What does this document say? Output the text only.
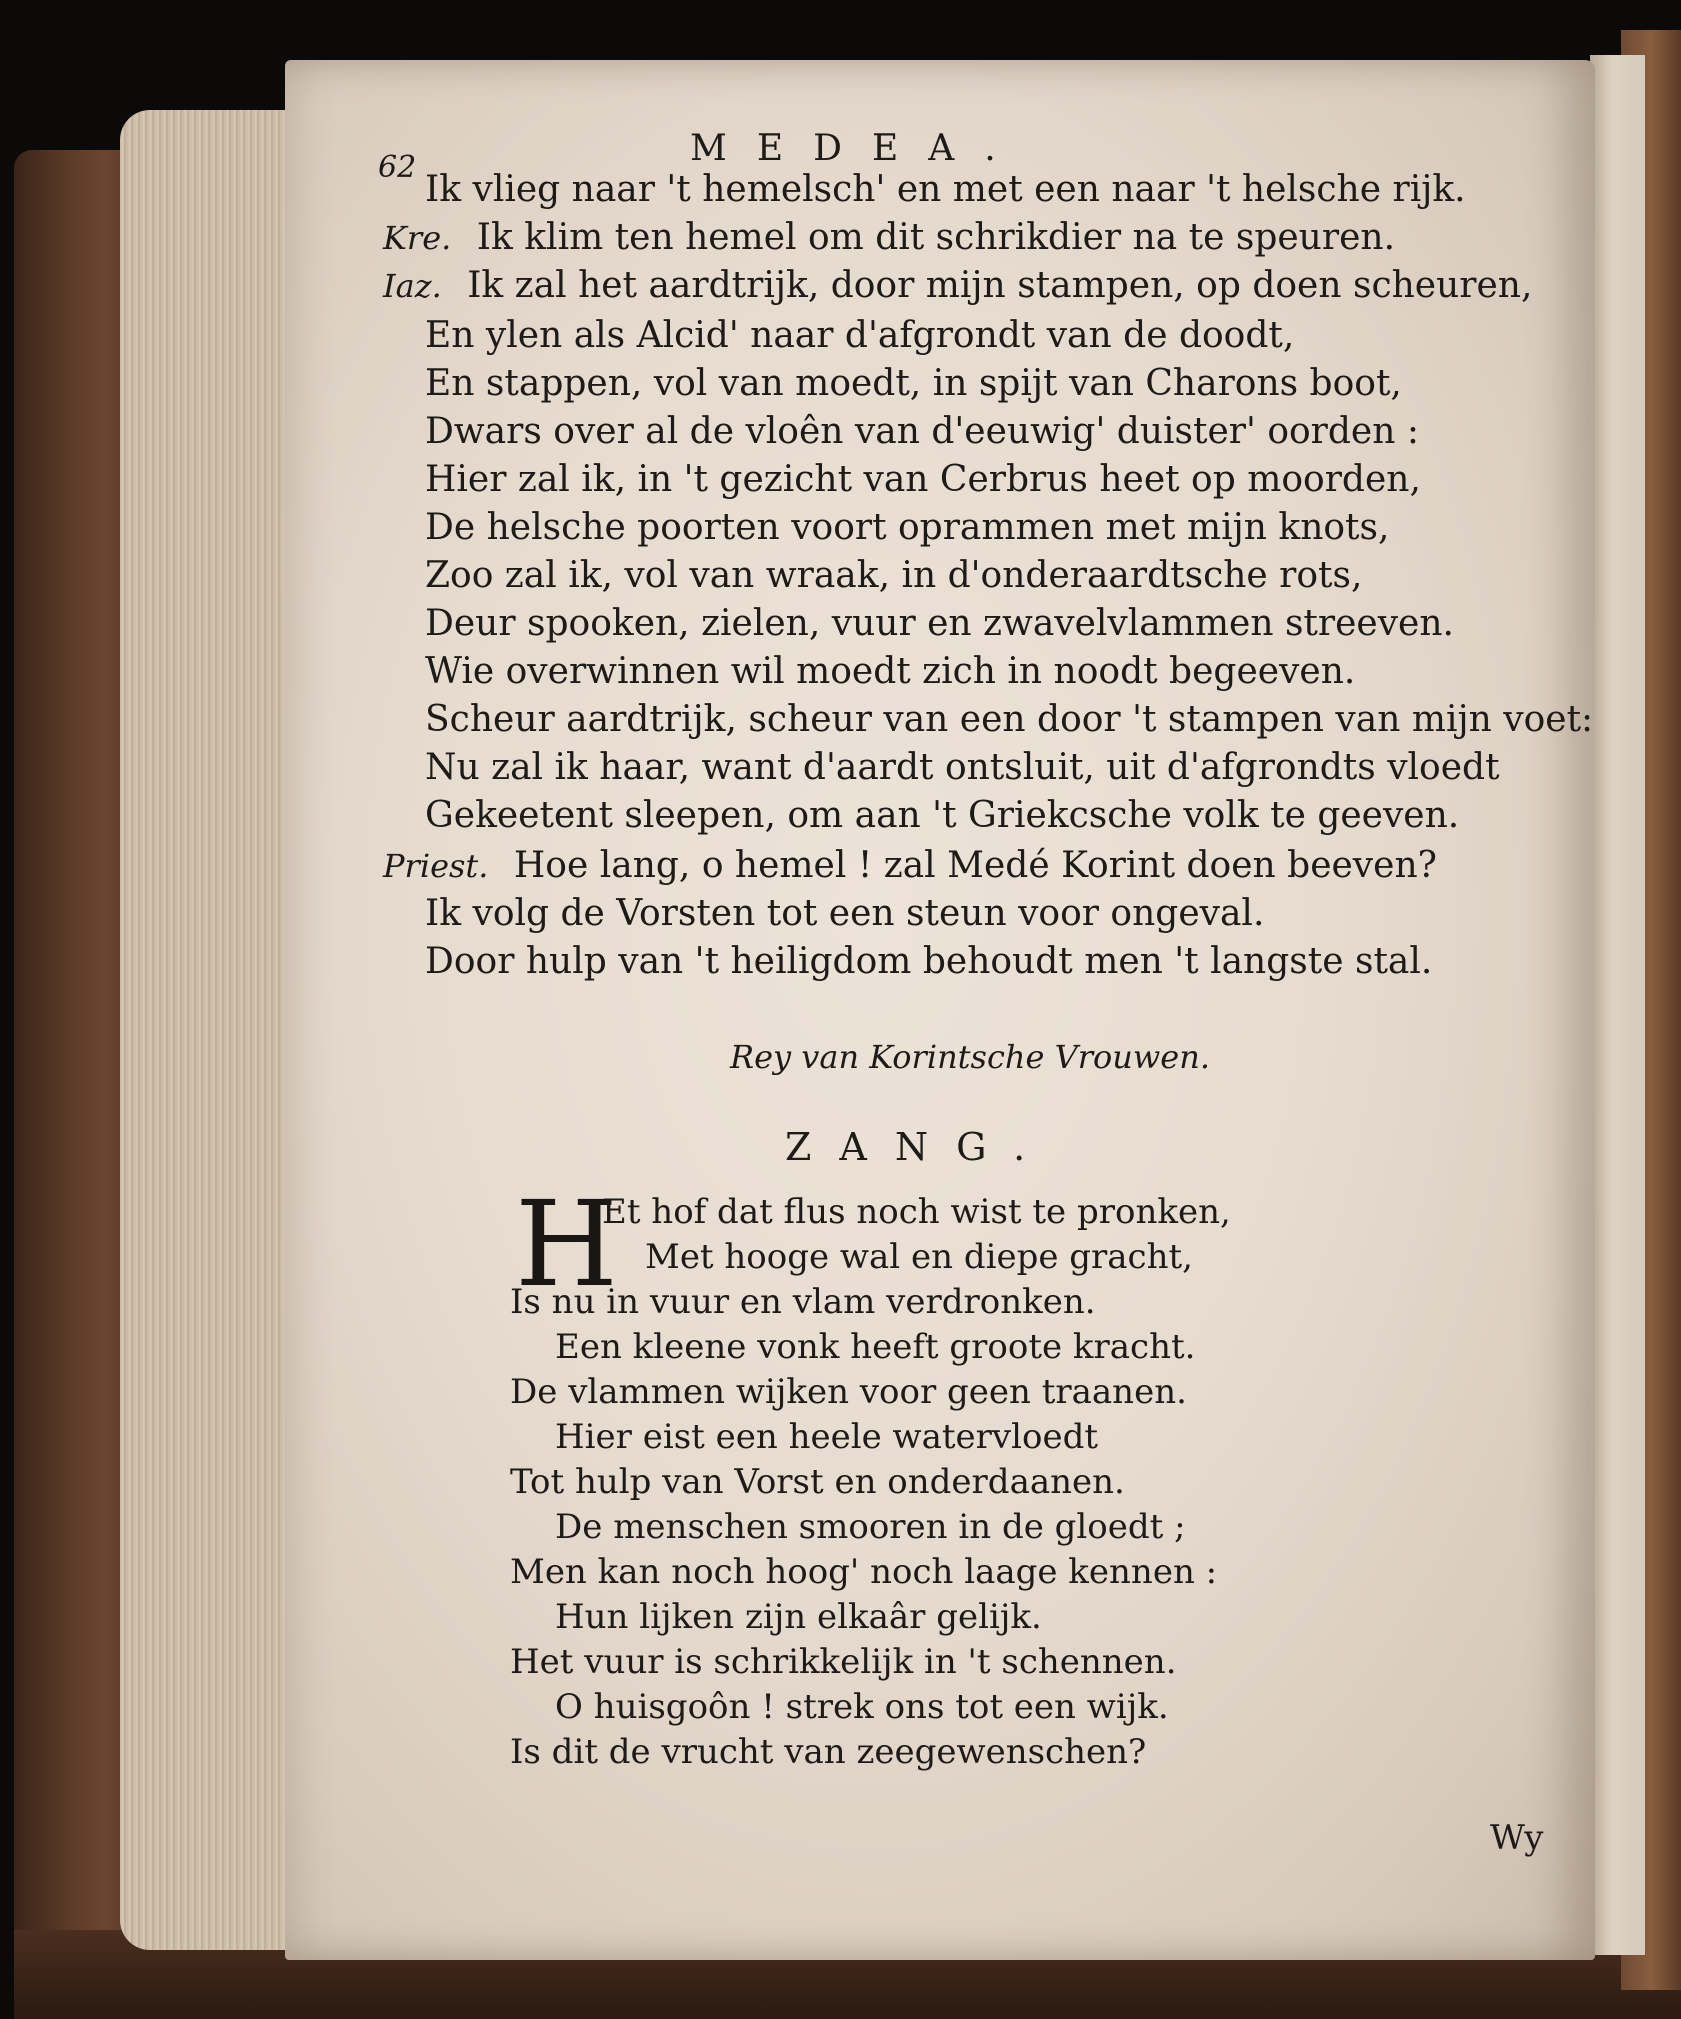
62	MEDEA.
Ik vlieg naar 't hemelsch' en met een naar 't helsche rijk.
Kre. Ik klim ten hemel om dit schrikdier na te speuren.
Iaz. Ik zal het aardtrijk, door mijn stampen, op doen scheuren,
En ylen als Alcid' naar d'afgrondt van de doodt,
En stappen, vol van moedt, in spijt van Charons boot,
Dwars over al de vloên van d'eeuwig' duister' oorden :
Hier zal ik, in 't gezicht van Cerbrus heet op moorden,
De helsche poorten voort oprammen met mijn knots,
Zoo zal ik, vol van wraak, in d'onderaardtsche rots,
Deur spooken, zielen, vuur en zwavelvlammen streeven.
Wie overwinnen wil moedt zich in noodt begeeven.
Scheur aardtrijk, scheur van een door 't stampen van mijn voet:
Nu zal ik haar, want d'aardt ontsluit, uit d'afgrondts vloedt
Gekeetent sleepen, om aan 't Griekcsche volk te geeven.
Priest. Hoe lang, o hemel ! zal Medé Korint doen beeven?
Ik volg de Vorsten tot een steun voor ongeval.
Door hulp van 't heiligdom behoudt men 't langste stal.
Rey van Korintsche Vrouwen.
ZANG.
H
Et hof dat flus noch wist te pronken,
Met hooge wal en diepe gracht,
Is nu in vuur en vlam verdronken.
Een kleene vonk heeft groote kracht.
De vlammen wijken voor geen traanen.
Hier eist een heele watervloedt
Tot hulp van Vorst en onderdaanen.
De menschen smooren in de gloedt ;
Men kan noch hoog' noch laage kennen :
Hun lijken zijn elkaâr gelijk.
Het vuur is schrikkelijk in 't schennen.
O huisgoôn ! strek ons tot een wijk.
Is dit de vrucht van zeegewenschen?
Wy
